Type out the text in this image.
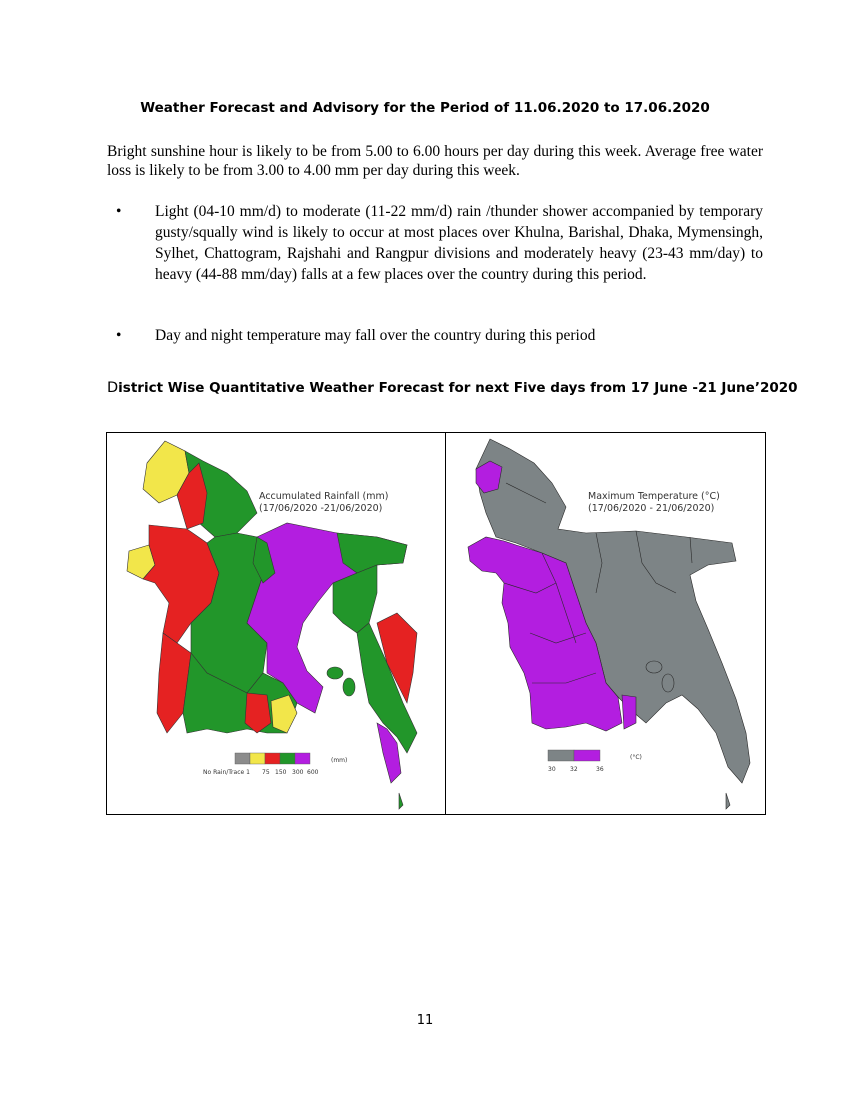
Weather Forecast and Advisory for the Period of 11.06.2020 to 17.06.2020
Bright sunshine hour is likely to be from 5.00 to 6.00 hours per day during this week. Average free water loss is likely to be from 3.00 to 4.00 mm per day during this week.
• Light (04-10 mm/d) to moderate (11-22 mm/d) rain /thunder shower accompanied by temporary gusty/squally wind is likely to occur at most places over Khulna, Barishal, Dhaka, Mymensingh, Sylhet, Chattogram, Rajshahi and Rangpur divisions and moderately heavy (23-43 mm/day) to heavy (44-88 mm/day) falls at a few places over the country during this period.
• Day and night temperature may fall over the country during this period
District Wise Quantitative Weather Forecast for next Five days from 17 June -21 June’2020
Accumulated Rainfall (mm)
(17/06/2020 -21/06/2020)
(mm)
No Rain/Trace 1 75 150 300 600
Maximum Temperature (°C)
(17/06/2020 - 21/06/2020)
(°C)
30 32	36
11
